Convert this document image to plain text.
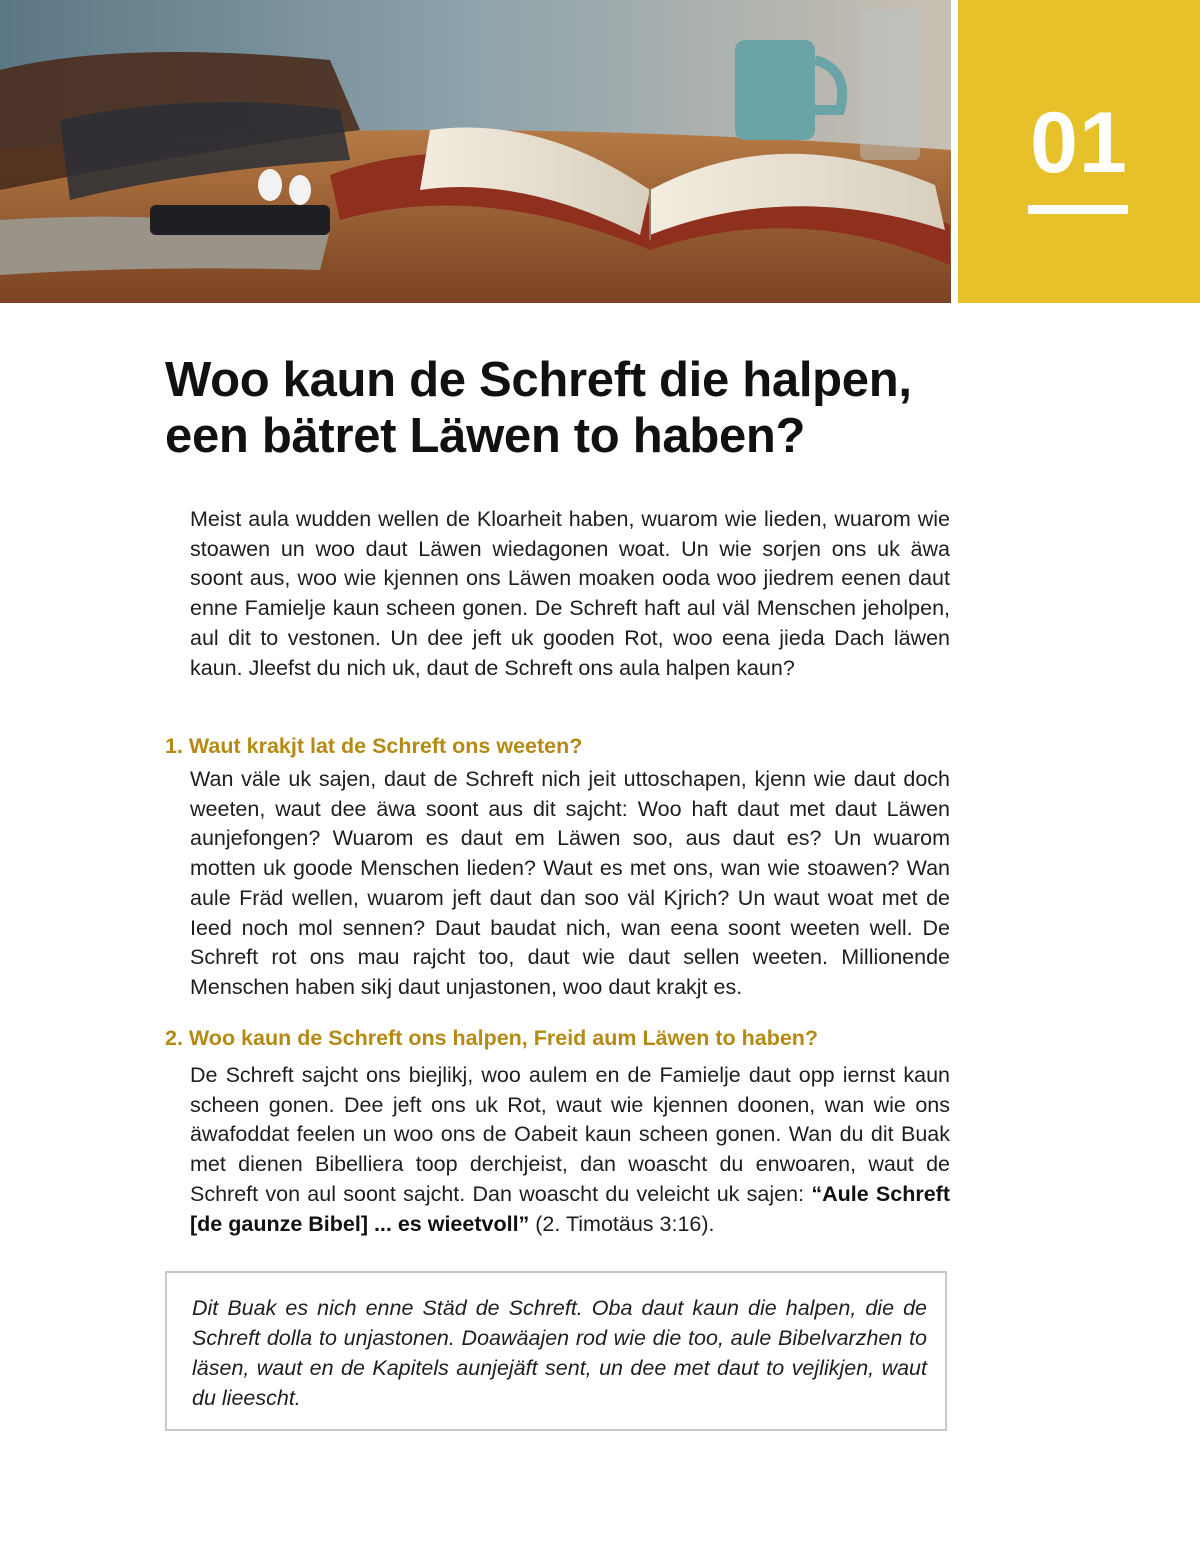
01
Woo kaun de Schreft die halpen,
een bätret Läwen to haben?

Meist aula wudden wellen de Kloarheit haben, wuarom wie lieden, wuarom wie stoawen un woo daut Läwen wiedagonen woat. Un wie sorjen ons uk äwa soont aus, woo wie kjennen ons Läwen moaken ooda woo jiedrem eenen daut enne Famielje kaun scheen gonen. De Schreft haft aul väl Menschen jeholpen, aul dit to vestonen. Un dee jeft uk gooden Rot, woo eena jieda Dach läwen kaun. Jleefst du nich uk, daut de Schreft ons aula halpen kaun?

1. Waut krakjt lat de Schreft ons weeten?

Wan väle uk sajen, daut de Schreft nich jeit uttoschapen, kjenn wie daut doch weeten, waut dee äwa soont aus dit sajcht: Woo haft daut met daut Läwen aunjefongen? Wuarom es daut em Läwen soo, aus daut es? Un wuarom motten uk goode Menschen lieden? Waut es met ons, wan wie stoawen? Wan aule Fräd wellen, wuarom jeft daut dan soo väl Kjrich? Un waut woat met de Ieed noch mol sennen? Daut baudat nich, wan eena soont weeten well. De Schreft rot ons mau rajcht too, daut wie daut sellen weeten. Millionende Menschen haben sikj daut unjastonen, woo daut krakjt es.

2. Woo kaun de Schreft ons halpen, Freid aum Läwen to haben?

De Schreft sajcht ons biejlikj, woo aulem en de Famielje daut opp iernst kaun scheen gonen. Dee jeft ons uk Rot, waut wie kjennen doonen, wan wie ons äwafoddat feelen un woo ons de Oabeit kaun scheen gonen. Wan du dit Buak met dienen Bibelliera toop derchjeist, dan woascht du enwoaren, waut de Schreft von aul soont sajcht. Dan woascht du veleicht uk sajen: “Aule Schreft [de gaunze Bibel] ... es wieetvoll” (2. Timotäus 3:16).

Dit Buak es nich enne Städ de Schreft. Oba daut kaun die halpen, die de Schreft dolla to unjastonen. Doawäajen rod wie die too, aule Bibelvarzhen to läsen, waut en de Kapitels aunjejäft sent, un dee met daut to vejlikjen, waut du lieescht.
